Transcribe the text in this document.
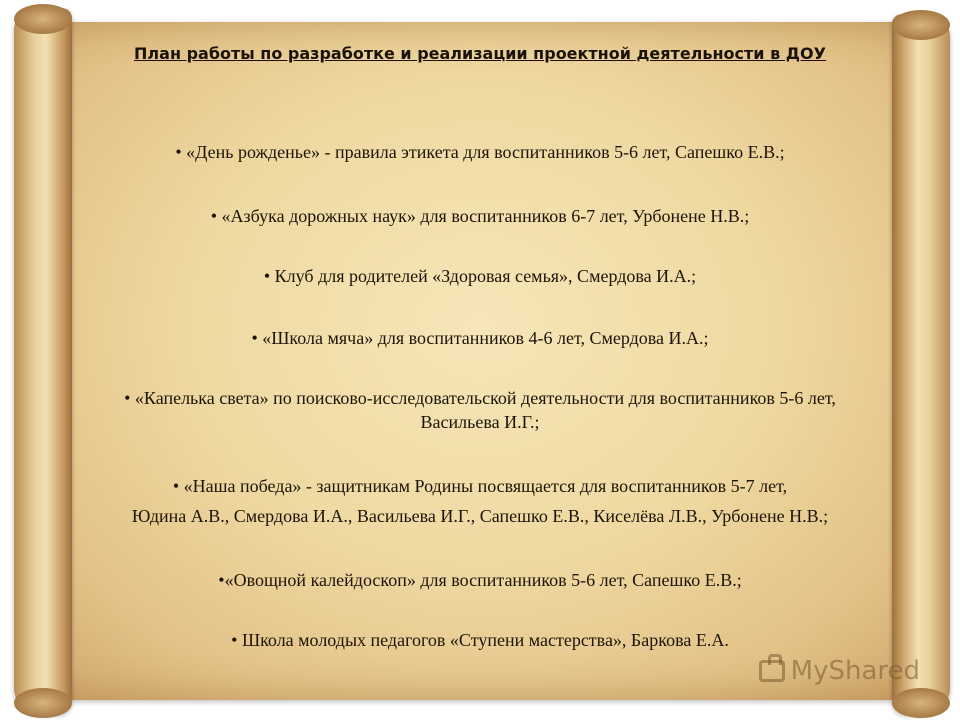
План работы по разработке и реализации проектной деятельности в ДОУ
• «День рожденье» - правила этикета для воспитанников 5-6 лет, Сапешко Е.В.;
• «Азбука дорожных наук» для воспитанников 6-7 лет, Урбонене Н.В.;
• Клуб для родителей «Здоровая семья», Смердова И.А.;
• «Школа мяча» для воспитанников 4-6 лет, Смердова И.А.;
• «Капелька света» по поисково-исследовательской деятельности для воспитанников 5-6 лет,
Васильева И.Г.;
• «Наша победа» - защитникам Родины посвящается для воспитанников 5-7 лет,
Юдина А.В., Смердова И.А., Васильева И.Г., Сапешко Е.В., Киселёва Л.В., Урбонене Н.В.;
•«Овощной калейдоскоп» для воспитанников 5-6 лет, Сапешко Е.В.;
• Школа молодых педагогов «Ступени мастерства», Баркова Е.А.
MyShared
